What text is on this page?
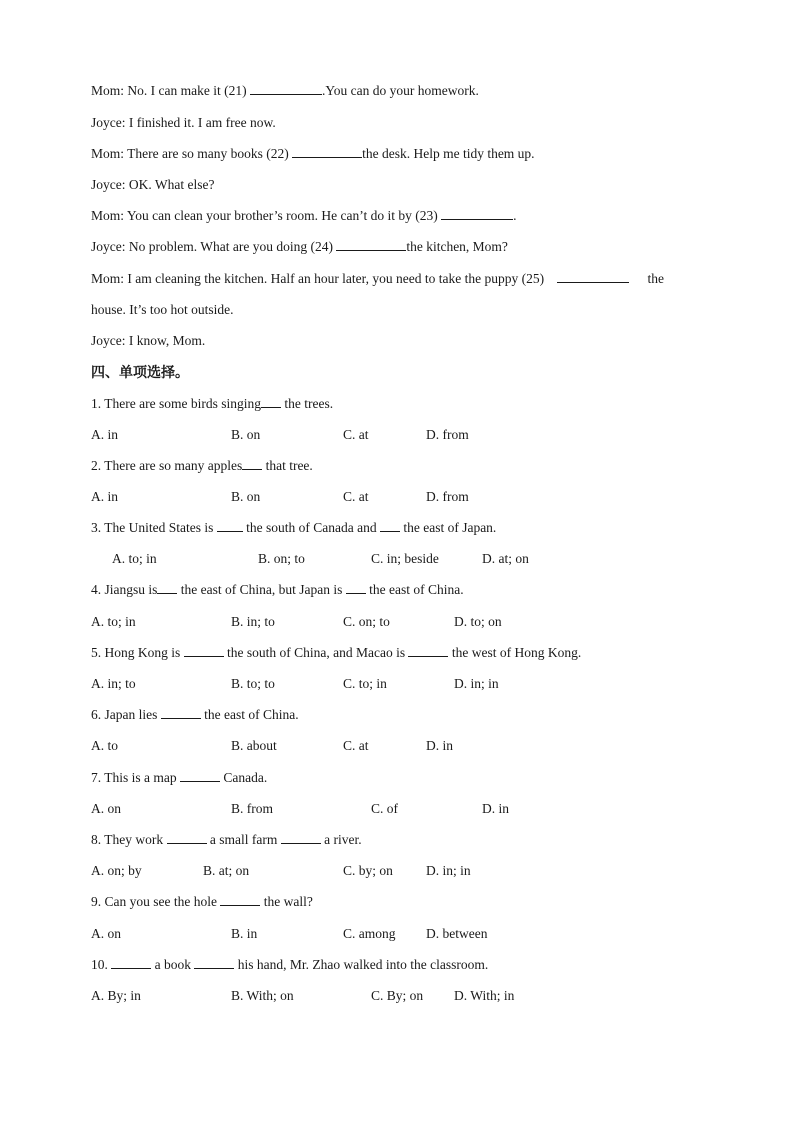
Mom: No. I can make it (21)	.You can do your homework.
Joyce: I finished it. I am free now.
Mom: There are so many books (22)	the desk. Help me tidy them up.
Joyce: OK. What else?
Mom: You can clean your brother’s room. He can’t do it by (23)	.
Joyce: No problem. What are you doing (24)	the kitchen, Mom?
Mom: I am cleaning the kitchen. Half an hour later, you need to take the puppy (25)	the
house. It’s too hot outside.
Joyce: I know, Mom.
四、单项选择。
1. There are some birds singing the trees.
A. in	B. on	C. at	D. from
2. There are so many apples that tree.
A. in	B. on	C. at	D. from
3. The United States is  the south of Canada and  the east of Japan.
A. to; in	B. on; to	C. in; beside	D. at; on
4. Jiangsu is the east of China, but Japan is  the east of China.
A. to; in	B. in; to	C. on; to	D. to; on
5. Hong Kong is	the south of China, and Macao is	the west of Hong Kong.
A. in; to	B. to; to	C. to; in	D. in; in
6. Japan lies	the east of China.
A. to	B. about	C. at	D. in
7. This is a map	Canada.
A. on	B. from	C. of	D. in
8. They work	a small farm	a river.
A. on; by	B. at; on	C. by; on D. in; in
9. Can you see the hole	the wall?
A. on	B. in	C. among D. between
10.	a book	his hand, Mr. Zhao walked into the classroom.
A. By; in	B. With; on	C. By; on D. With; in
